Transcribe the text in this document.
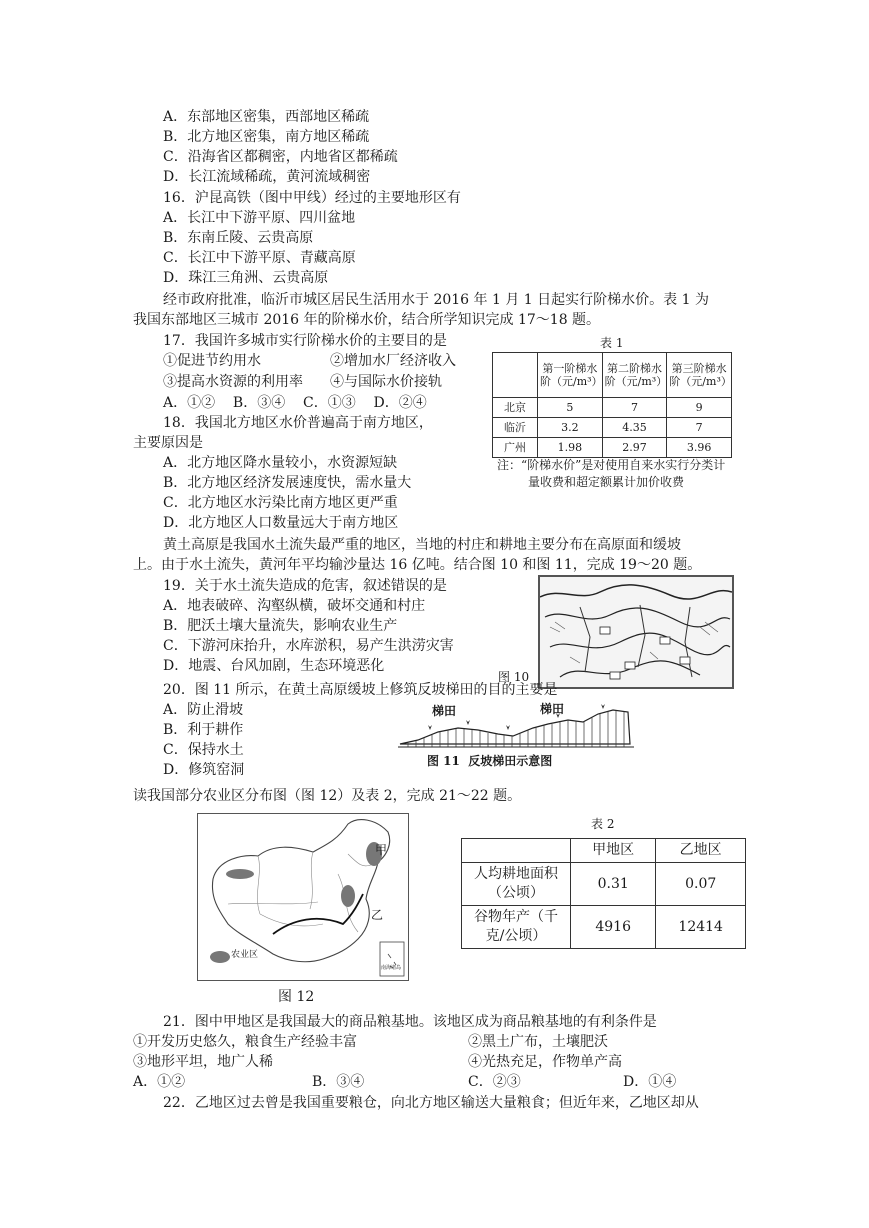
A．东部地区密集，西部地区稀疏
B．北方地区密集，南方地区稀疏
C．沿海省区都稠密，内地省区都稀疏
D．长江流域稀疏，黄河流域稠密
16．沪昆高铁（图中甲线）经过的主要地形区有
A．长江中下游平原、四川盆地
B．东南丘陵、云贵高原
C．长江中下游平原、青藏高原
D．珠江三角洲、云贵高原
经市政府批准，临沂市城区居民生活用水于 2016 年 1 月 1 日起实行阶梯水价。表 1 为
我国东部地区三城市 2016 年的阶梯水价，结合所学知识完成 17～18 题。
17．我国许多城市实行阶梯水价的主要目的是
①促进节约用水	②增加水厂经济收入
③提高水资源的利用率 ④与国际水价接轨
A．①②    B．③④    C．①③    D．②④
表 1
	第一阶梯水阶（元/m³）	第二阶梯水阶（元/m³）	第三阶梯水阶（元/m³）
北京	5	7	9
临沂	3.2	4.35	7
广州	1.98	2.97	3.96
注：“阶梯水价”是对使用自来水实行分类计
量收费和超定额累计加价收费
18．我国北方地区水价普遍高于南方地区，
主要原因是
A．北方地区降水量较小，水资源短缺
B．北方地区经济发展速度快，需水量大
C．北方地区水污染比南方地区更严重
D．北方地区人口数量远大于南方地区
黄土高原是我国水土流失最严重的地区，当地的村庄和耕地主要分布在高原面和缓坡
上。由于水土流失，黄河年平均输沙量达 16 亿吨。结合图 10 和图 11，完成 19～20 题。
19．关于水土流失造成的危害，叙述错误的是
A．地表破碎、沟壑纵横，破坏交通和村庄
B．肥沃土壤大量流失，影响农业生产
C．下游河床抬升，水库淤积，易产生洪涝灾害
D．地震、台风加剧，生态环境恶化
图 10
20．图 11 所示，在黄土高原缓坡上修筑反坡梯田的目的主要是
A．防止滑坡
B．利于耕作
C．保持水土
D．修筑窑洞
梯田	梯田
图 11  反坡梯田示意图
读我国部分农业区分布图（图 12）及表 2，完成 21～22 题。
甲
乙
农业区
南海诸岛
图 12
表 2
	甲地区	乙地区
人均耕地面积（公顷）	0.31	0.07
谷物年产（千克/公顷）	4916	12414
21．图中甲地区是我国最大的商品粮基地。该地区成为商品粮基地的有利条件是
①开发历史悠久，粮食生产经验丰富	②黑土广布，土壤肥沃
③地形平坦，地广人稀	④光热充足，作物单产高
A．①②	B．③④	C．②③	D．①④
22．乙地区过去曾是我国重要粮仓，向北方地区输送大量粮食；但近年来，乙地区却从
